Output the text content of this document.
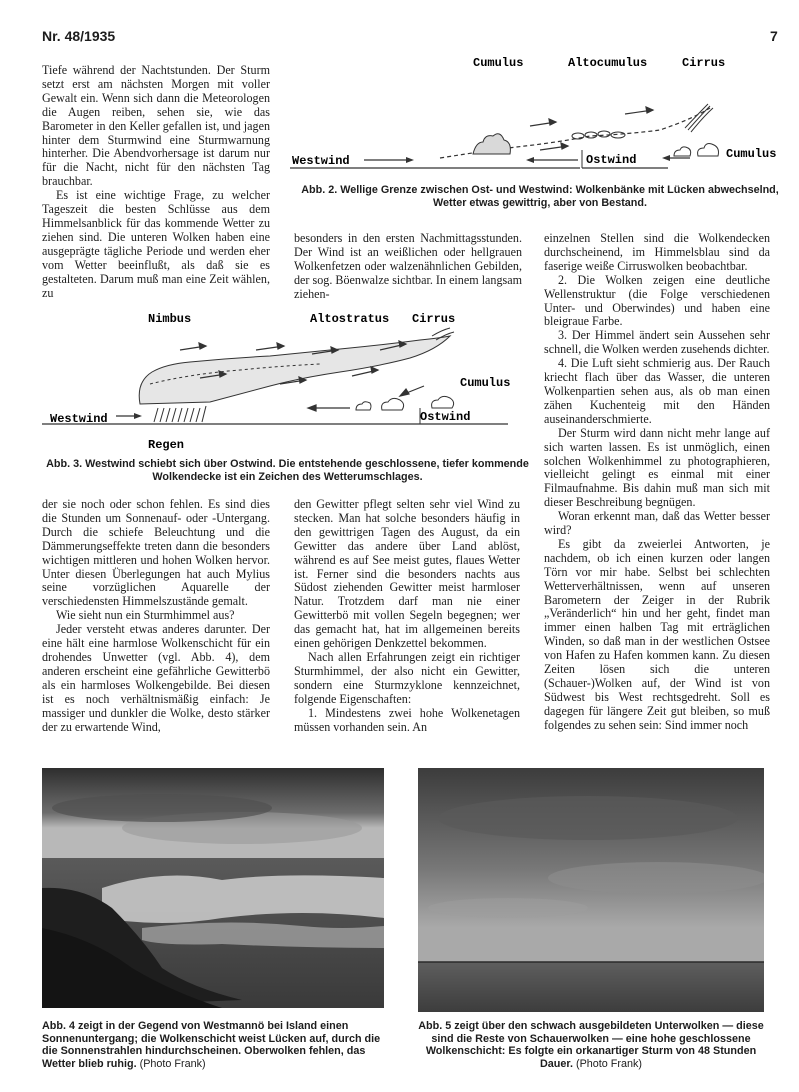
Nr. 48/1935	7

Tiefe während der Nachtstunden. Der Sturm setzt erst am nächsten Morgen mit voller Gewalt ein. Wenn sich dann die Meteorologen die Augen reiben, sehen sie, wie das Barometer in den Keller gefallen ist, und jagen hinter dem Sturmwind eine Sturmwarnung hinterher. Die Abendvorhersage ist darum nur für die Nacht, nicht für den nächsten Tag brauchbar.

Es ist eine wichtige Frage, zu welcher Tageszeit die besten Schlüsse aus dem Himmelsanblick für das kommende Wetter zu ziehen sind. Die unteren Wolken haben eine ausgeprägte tägliche Periode und werden eher vom Wetter beeinflußt, als daß sie es gestalteten. Darum muß man eine Zeit wählen, zu

Cumulus	Altocumulus	Cirrus
Westwind	Ostwind	Cumulus
Abb. 2. Wellige Grenze zwischen Ost- und Westwind: Wolkenbänke mit Lücken abwechselnd, Wetter etwas gewittrig, aber von Bestand.

besonders in den ersten Nachmittagsstunden. Der Wind ist an weißlichen oder hellgrauen Wolkenfetzen oder walzenähnlichen Gebilden, der sog. Böenwalze sichtbar. In einem langsam ziehen-

Nimbus	Altostratus Cirrus
Cumulus
Westwind	Ostwind
Regen
Abb. 3. Westwind schiebt sich über Ostwind. Die entstehende geschlossene, tiefer kommende Wolkendecke ist ein Zeichen des Wetterumschlages.

einzelnen Stellen sind die Wolkendecken durchscheinend, im Himmelsblau sind da faserige weiße Cirruswolken beobachtbar.

2. Die Wolken zeigen eine deutliche Wellenstruktur (die Folge verschiedenen Unter- und Oberwindes) und haben eine bleigraue Farbe.

3. Der Himmel ändert sein Aussehen sehr schnell, die Wolken werden zusehends dichter.

4. Die Luft sieht schmierig aus. Der Rauch kriecht flach über das Wasser, die unteren Wolkenpartien sehen aus, als ob man einen zähen Kuchenteig mit den Händen auseinanderschmierte.

Der Sturm wird dann nicht mehr lange auf sich warten lassen. Es ist unmöglich, einen solchen Wolkenhimmel zu photographieren, vielleicht gelingt es einmal mit einer Filmaufnahme. Bis dahin muß man sich mit dieser Beschreibung begnügen.

Woran erkennt man, daß das Wetter besser wird?

Es gibt da zweierlei Antworten, je nachdem, ob ich einen kurzen oder langen Törn vor mir habe. Selbst bei schlechten Wetterverhältnissen, wenn auf unseren Barometern der Zeiger in der Rubrik „Veränderlich“ hin und her geht, findet man immer einen halben Tag mit erträglichen Winden, so daß man in der westlichen Ostsee von Hafen zu Hafen kommen kann. Zu diesen Zeiten lösen sich die unteren (Schauer-)Wolken auf, der Wind ist von Südwest bis West rechtsgedreht. Soll es dagegen für längere Zeit gut bleiben, so muß folgendes zu sehen sein: Sind immer noch

der sie noch oder schon fehlen. Es sind dies die Stunden um Sonnenauf- oder -Untergang. Durch die schiefe Beleuchtung und die Dämmerungseffekte treten dann die besonders wichtigen mittleren und hohen Wolken hervor. Unter diesen Überlegungen hat auch Mylius seine vorzüglichen Aquarelle der verschiedensten Himmelszustände gemalt.

Wie sieht nun ein Sturmhimmel aus?

Jeder versteht etwas anderes darunter. Der eine hält eine harmlose Wolkenschicht für ein drohendes Unwetter (vgl. Abb. 4), dem anderen erscheint eine gefährliche Gewitterbö als ein harmloses Wolkengebilde. Bei diesen ist es noch verhältnismäßig einfach: Je massiger und dunkler die Wolke, desto stärker der zu erwartende Wind,

den Gewitter pflegt selten sehr viel Wind zu stecken. Man hat solche besonders häufig in den gewittrigen Tagen des August, da ein Gewitter das andere über Land ablöst, während es auf See meist gutes, flaues Wetter ist. Ferner sind die besonders nachts aus Südost ziehenden Gewitter meist harmloser Natur. Trotzdem darf man nie einer Gewitterbö mit vollen Segeln begegnen; wer das gemacht hat, hat im allgemeinen bereits einen gehörigen Denkzettel bekommen.

Nach allen Erfahrungen zeigt ein richtiger Sturmhimmel, der also nicht ein Gewitter, sondern eine Sturmzyklone kennzeichnet, folgende Eigenschaften:

1. Mindestens zwei hohe Wolkenetagen müssen vorhanden sein. An

Abb. 4 zeigt in der Gegend von Westmannö bei Island einen Sonnenuntergang; die Wolkenschicht weist Lücken auf, durch die die Sonnenstrahlen hindurchscheinen. Oberwolken fehlen, das Wetter blieb ruhig. (Photo Frank)
Abb. 5 zeigt über den schwach ausgebildeten Unterwolken — diese sind die Reste von Schauerwolken — eine hohe geschlossene Wolkenschicht: Es folgte ein orkanartiger Sturm von 48 Stunden Dauer. (Photo Frank)
